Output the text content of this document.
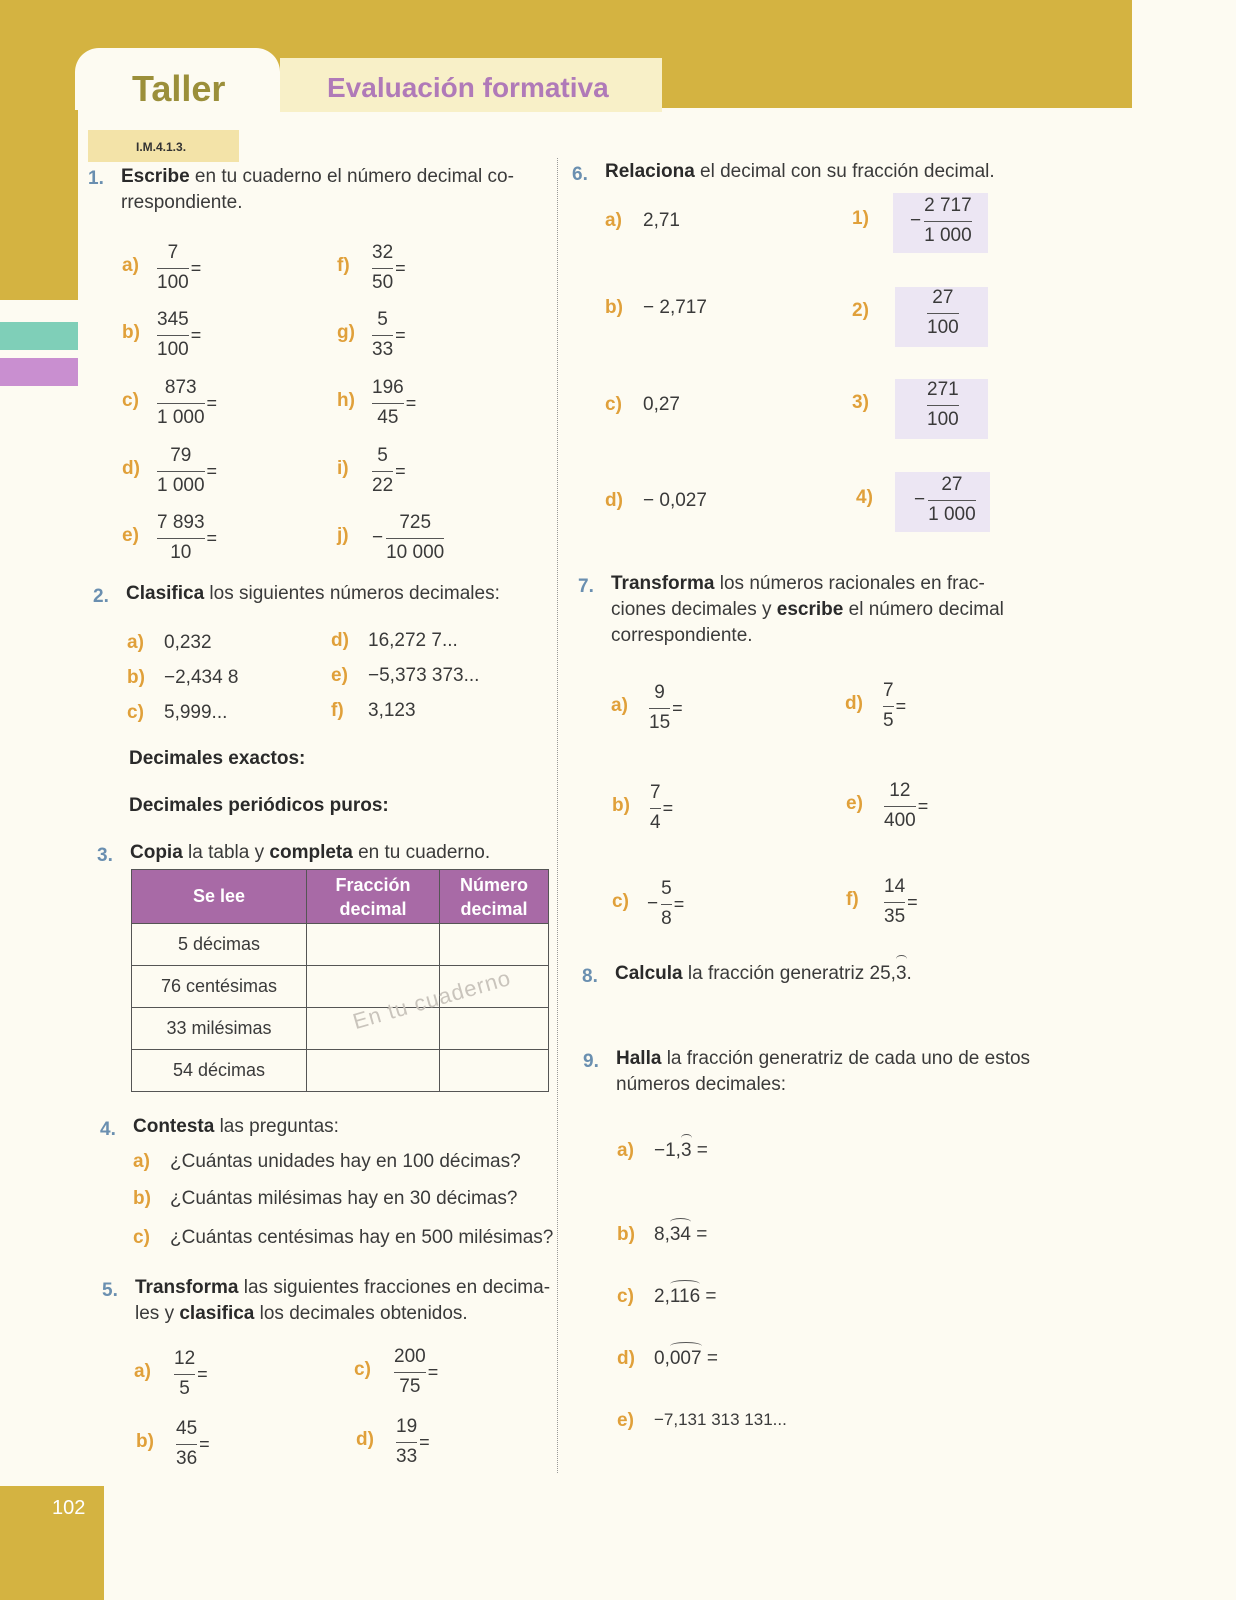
Taller	Evaluación formativa
I.M.4.1.3.
102
1. Escribe en tu cuaderno el número decimal co-
rrespondiente.
$a) \frac{7}{100}$ =
$b) \frac{345}{100}$ =
$c) \frac{873}{1 000}$ =
$d) \frac{79}{1 000}$ =
$e) \frac{7 893}{10}$ =
$f) \frac{32}{50}$ =
$g) \frac{5}{33}$ =
$h) \frac{196}{45}$ =
$i) \frac{5}{22}$ =
$j) - \frac{725}{10 000}$
2. Clasifica los siguientes números decimales:
a) 0,232
b) −2,434 8
c) 5,999...
d) 16,272 7...
e) −5,373 373...
f) 3,123
Decimales exactos:
Decimales periódicos puros:
3. Copia la tabla y completa en tu cuaderno.
Se lee	Fracción decimal	Número decimal
5 décimas		
76 centésimas		
33 milésimas		
54 décimas		
En tu cuaderno
4. Contesta las preguntas:
a) ¿Cuántas unidades hay en 100 décimas?
b) ¿Cuántas milésimas hay en 30 décimas?
c) ¿Cuántas centésimas hay en 500 milésimas?
5. Transforma las siguientes fracciones en decima-
les y clasifica los decimales obtenidos.
$a) \frac{12}{5}$ =
$b) \frac{45}{36}$ =
$c) \frac{200}{75}$ =
$d) \frac{19}{33}$ =
6. Relaciona el decimal con su fracción decimal.
a) 2,71
b) − 2,717
c) 0,27
d) − 0,027
$1) - \frac{2 717}{1 000}$
2)	$\frac{27}{100}$
3)	$\frac{271}{100}$
$4) - \frac{27}{1 000}$
7. Transforma los números racionales en frac-
ciones decimales y escribe el número decimal
correspondiente.
$a) \frac{9}{15}$ =
$b) \frac{7}{4}$ =
$c) - \frac{5}{8}$ =
$d) \frac{7}{5}$ =
$e) \frac{12}{400}$ =
$f) \frac{14}{35}$ =
8. Calcula la fracción generatriz 25,
3.
9. Halla la fracción generatriz de cada uno de estos
números decimales:
a) −1,
3 =
b) 8,
34 =
c) 2,
116 =
d) 0,
007 =
e) −7,131 313 131...
